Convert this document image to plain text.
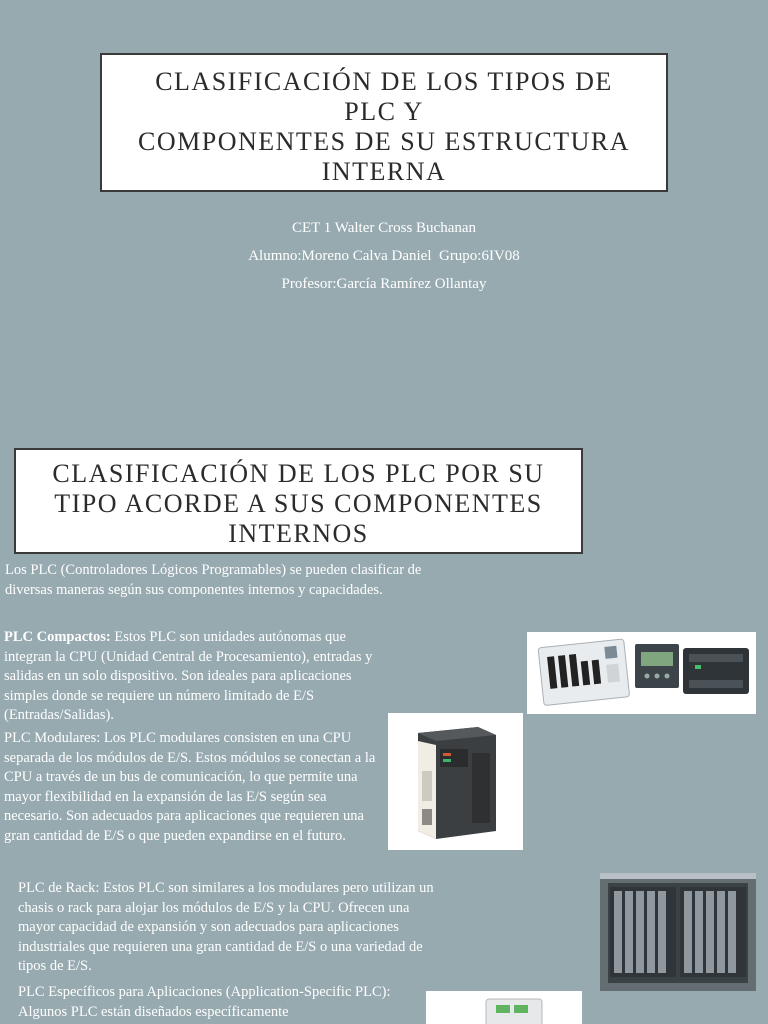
CLASIFICACIÓN DE LOS TIPOS DE
PLC Y
COMPONENTES DE SU ESTRUCTURA
INTERNA
CET 1 Walter Cross Buchanan
Alumno:Moreno Calva Daniel  Grupo:6IV08
Profesor:García Ramírez Ollantay
CLASIFICACIÓN DE LOS PLC POR SU
TIPO ACORDE A SUS COMPONENTES
INTERNOS
Los PLC (Controladores Lógicos Programables) se pueden clasificar de diversas maneras según sus componentes internos y capacidades.
PLC Compactos: Estos PLC son unidades autónomas que integran la CPU (Unidad Central de Procesamiento), entradas y salidas en un solo dispositivo. Son ideales para aplicaciones simples donde se requiere un número limitado de E/S (Entradas/Salidas).
PLC Modulares: Los PLC modulares consisten en una CPU separada de los módulos de E/S. Estos módulos se conectan a la CPU a través de un bus de comunicación, lo que permite una mayor flexibilidad en la expansión de las E/S según sea necesario. Son adecuados para aplicaciones que requieren una gran cantidad de E/S o que pueden expandirse en el futuro.
PLC de Rack: Estos PLC son similares a los modulares pero utilizan un chasis o rack para alojar los módulos de E/S y la CPU. Ofrecen una mayor capacidad de expansión y son adecuados para aplicaciones industriales que requieren una gran cantidad de E/S o una variedad de tipos de E/S.
PLC Específicos para Aplicaciones (Application-Specific PLC): Algunos PLC están diseñados específicamente
